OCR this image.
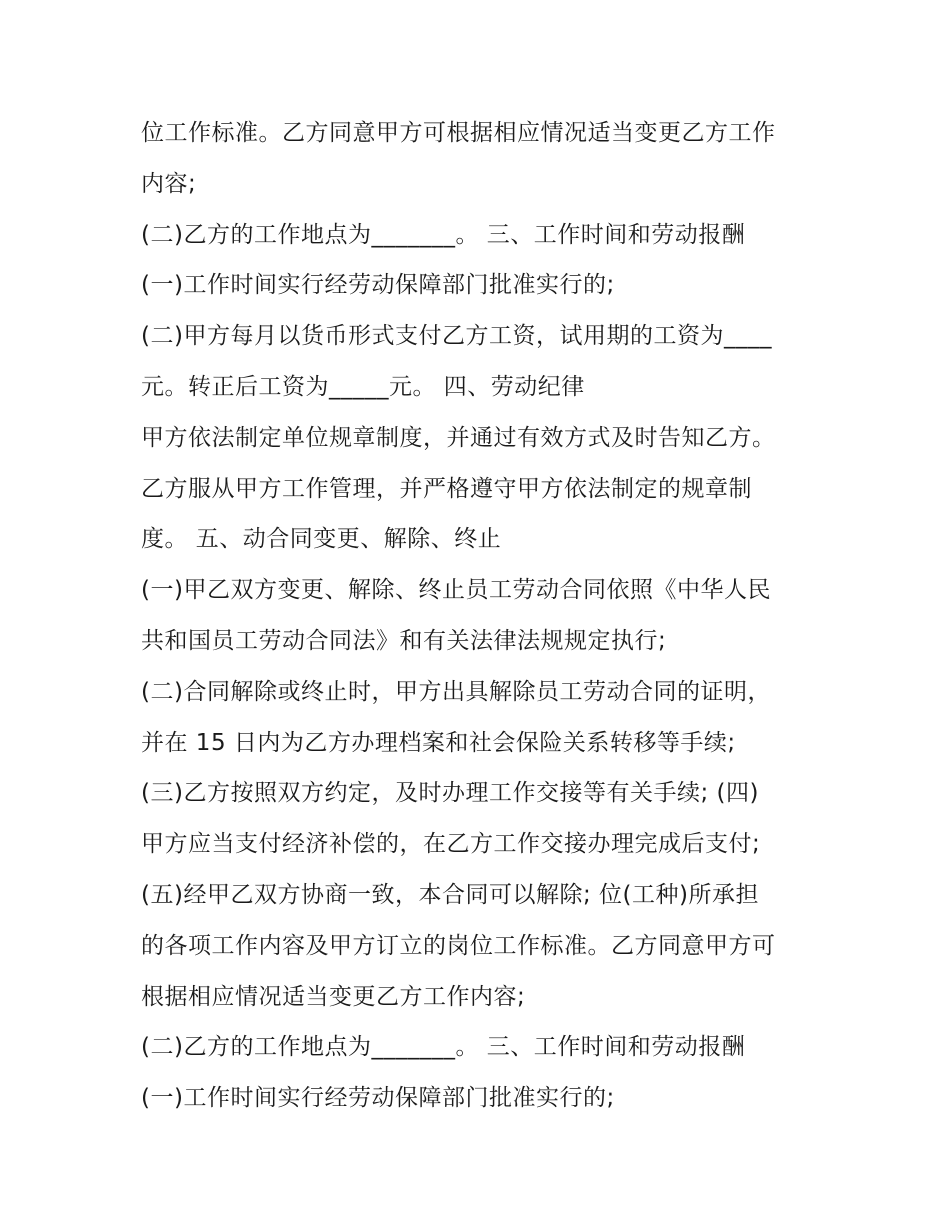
位工作标准。乙方同意甲方可根据相应情况适当变更乙方工作
内容;
(二)乙方的工作地点为_______。 三、工作时间和劳动报酬
(一)工作时间实行经劳动保障部门批准实行的;
(二)甲方每月以货币形式支付乙方工资，试用期的工资为____
元。转正后工资为_____元。 四、劳动纪律
甲方依法制定单位规章制度，并通过有效方式及时告知乙方。
乙方服从甲方工作管理，并严格遵守甲方依法制定的规章制
度。 五、动合同变更、解除、终止
(一)甲乙双方变更、解除、终止员工劳动合同依照《中华人民
共和国员工劳动合同法》和有关法律法规规定执行;
(二)合同解除或终止时，甲方出具解除员工劳动合同的证明，
并在 15 日内为乙方办理档案和社会保险关系转移等手续;
(三)乙方按照双方约定，及时办理工作交接等有关手续; (四)
甲方应当支付经济补偿的，在乙方工作交接办理完成后支付;
(五)经甲乙双方协商一致，本合同可以解除; 位(工种)所承担
的各项工作内容及甲方订立的岗位工作标准。乙方同意甲方可
根据相应情况适当变更乙方工作内容;
(二)乙方的工作地点为_______。 三、工作时间和劳动报酬
(一)工作时间实行经劳动保障部门批准实行的;
